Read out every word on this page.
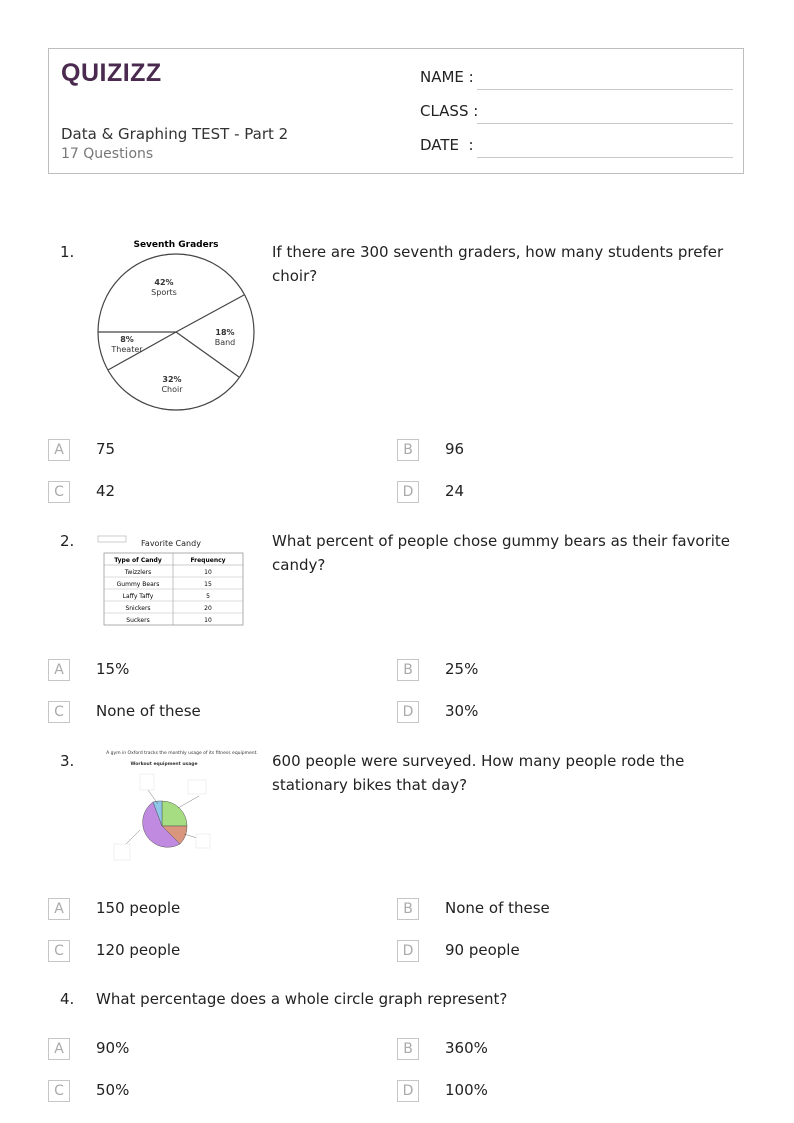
QUIZIZZ
Data & Graphing TEST - Part 2
17 Questions
NAME :
CLASS :
DATE  :
1.	Seventh Graders
42%
Sports
18%
Band
32%
Choir
8%
Theater
If there are 300 seventh graders, how many students prefer choir?
A	75	B	96
C	42	D	24
2.	Favorite Candy
Type of Candy	Frequency
Twizzlers	10
Gummy Bears	15
Laffy Taffy	5
Snickers	20
Suckers	10
What percent of people chose gummy bears as their favorite candy?
A	15%	B	25%
C	None of these	D	30%
3.	A gym in Oxford tracks the monthly usage of its fitness equipment.
Workout equipment usage	600 people were surveyed. How many people rode the stationary bikes that day?
A	150 people	B	None of these
C	120 people	D	90 people
4. What percentage does a whole circle graph represent?
A	90%	B	360%
C	50%	D	100%
